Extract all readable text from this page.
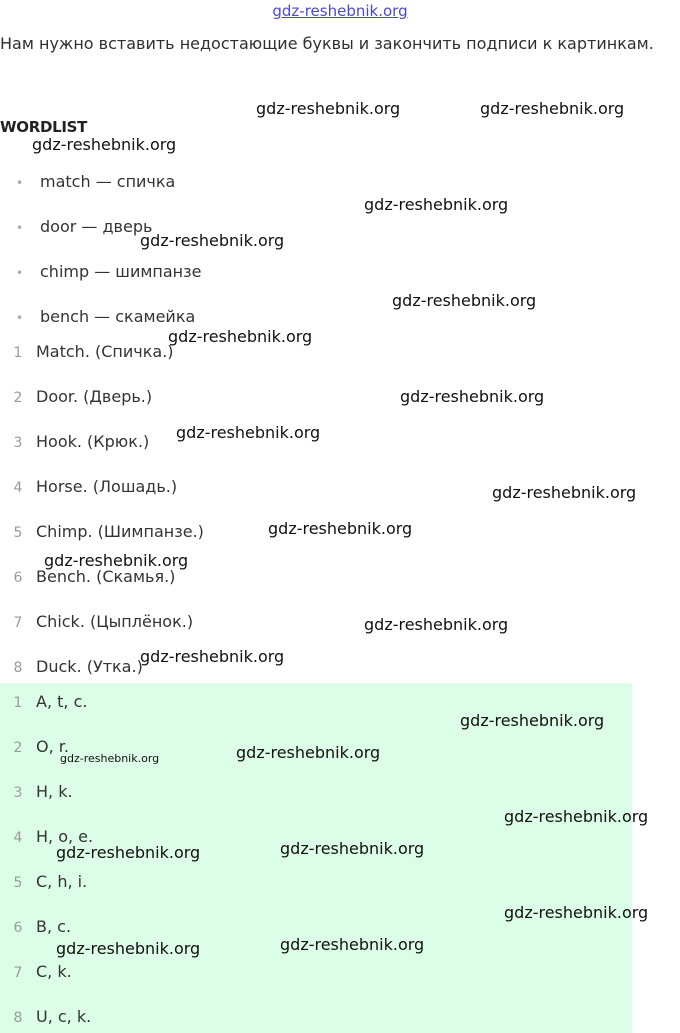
gdz-reshebnik.org
Нам нужно вставить недостающие буквы и закончить подписи к картинкам.
WORDLIST
• match — спичка
• door — дверь
• chimp — шимпанзе
• bench — скамейка
1 Match. (Спичка.)
2 Door. (Дверь.)
3 Hook. (Крюк.)
4 Horse. (Лошадь.)
5 Chimp. (Шимпанзе.)
6 Bench. (Скамья.)
7 Chick. (Цыплёнок.)
8 Duck. (Утка.)
1 A, t, c.
2 O, r.
3 H, k.
4 H, o, e.
5 C, h, i.
6 B, c.
7 C, k.
8 U, c, k.
gdz-reshebnik.org	gdz-reshebnik.org
gdz-reshebnik.org
gdz-reshebnik.org
gdz-reshebnik.org
gdz-reshebnik.org
gdz-reshebnik.org
gdz-reshebnik.org
gdz-reshebnik.org
gdz-reshebnik.org
gdz-reshebnik.org
gdz-reshebnik.org
gdz-reshebnik.org
gdz-reshebnik.org
gdz-reshebnik.org
gdz-reshebnik.org	gdz-reshebnik.org
gdz-reshebnik.org
gdz-reshebnik.org	gdz-reshebnik.org
gdz-reshebnik.org
gdz-reshebnik.org	gdz-reshebnik.org
